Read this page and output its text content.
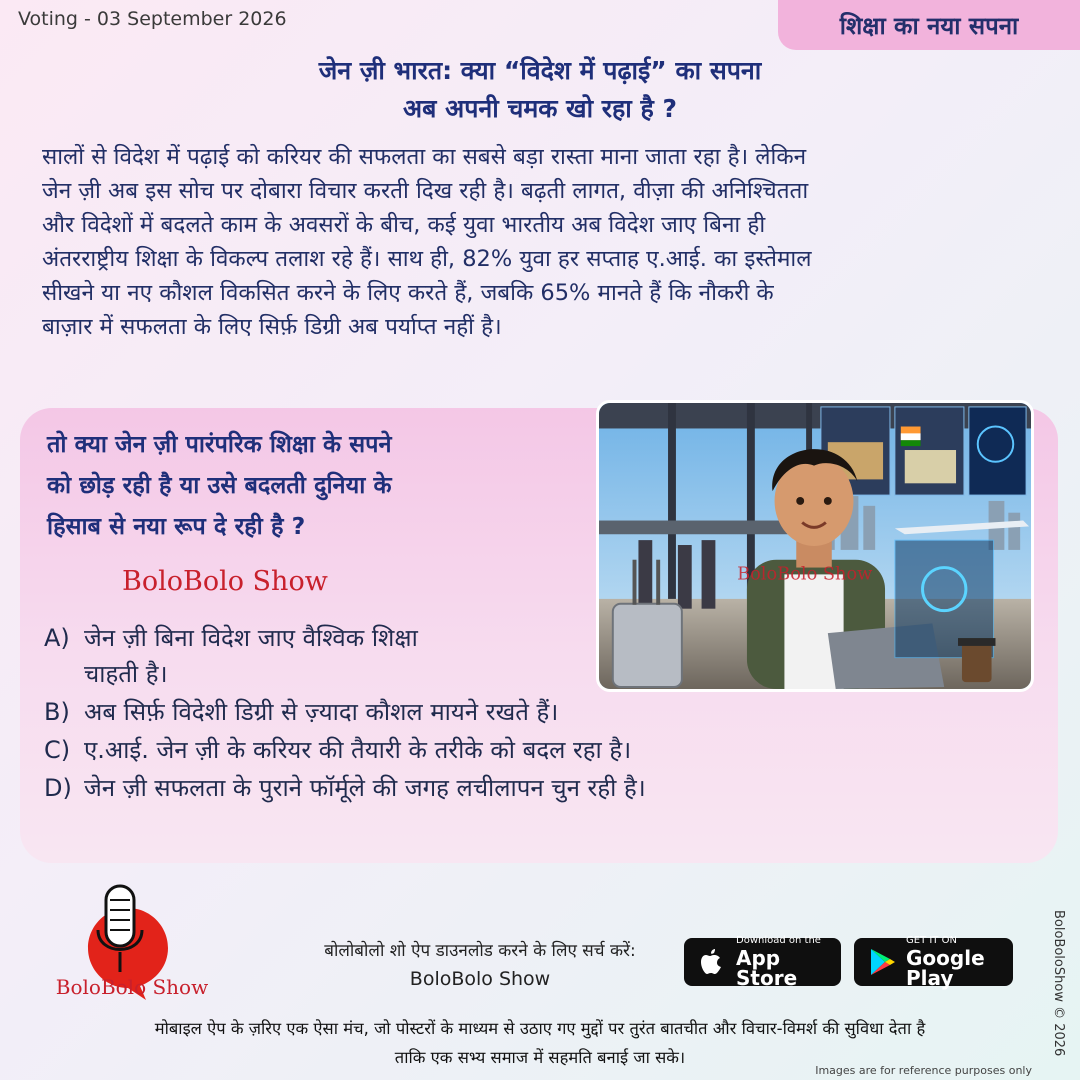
Voting - 03 September 2026	शिक्षा का नया सपना
जेन ज़ी भारत: क्या “विदेश में पढ़ाई” का सपना
अब अपनी चमक खो रहा है ?
सालों से विदेश में पढ़ाई को करियर की सफलता का सबसे बड़ा रास्ता माना जाता रहा है। लेकिन
जेन ज़ी अब इस सोच पर दोबारा विचार करती दिख रही है। बढ़ती लागत, वीज़ा की अनिश्चितता
और विदेशों में बदलते काम के अवसरों के बीच, कई युवा भारतीय अब विदेश जाए बिना ही
अंतरराष्ट्रीय शिक्षा के विकल्प तलाश रहे हैं। साथ ही, 82% युवा हर सप्ताह ए.आई. का इस्तेमाल
सीखने या नए कौशल विकसित करने के लिए करते हैं, जबकि 65% मानते हैं कि नौकरी के
बाज़ार में सफलता के लिए सिर्फ़ डिग्री अब पर्याप्त नहीं है।
तो क्या जेन ज़ी पारंपरिक शिक्षा के सपने
को छोड़ रही है या उसे बदलती दुनिया के
हिसाब से नया रूप दे रही है ?
BoloBolo Show	BoloBolo Show
A) जेन ज़ी बिना विदेश जाए वैश्विक शिक्षा
चाहती है।
B) अब सिर्फ़ विदेशी डिग्री से ज़्यादा कौशल मायने रखते हैं।
C) ए.आई. जेन ज़ी के करियर की तैयारी के तरीके को बदल रहा है।
D) जेन ज़ी सफलता के पुराने फॉर्मूले की जगह लचीलापन चुन रही है।
BoloBolo Show
बोलोबोलो शो ऐप डाउनलोड करने के लिए सर्च करें:
BoloBolo Show
Download on the
App Store
GET IT ON
Google Play
मोबाइल ऐप के ज़रिए एक ऐसा मंच, जो पोस्टरों के माध्यम से उठाए गए मुद्दों पर तुरंत बातचीत और विचार-विमर्श की सुविधा देता है
ताकि एक सभ्य समाज में सहमति बनाई जा सके।
BoloBoloShow © 2026
Images are for reference purposes only
